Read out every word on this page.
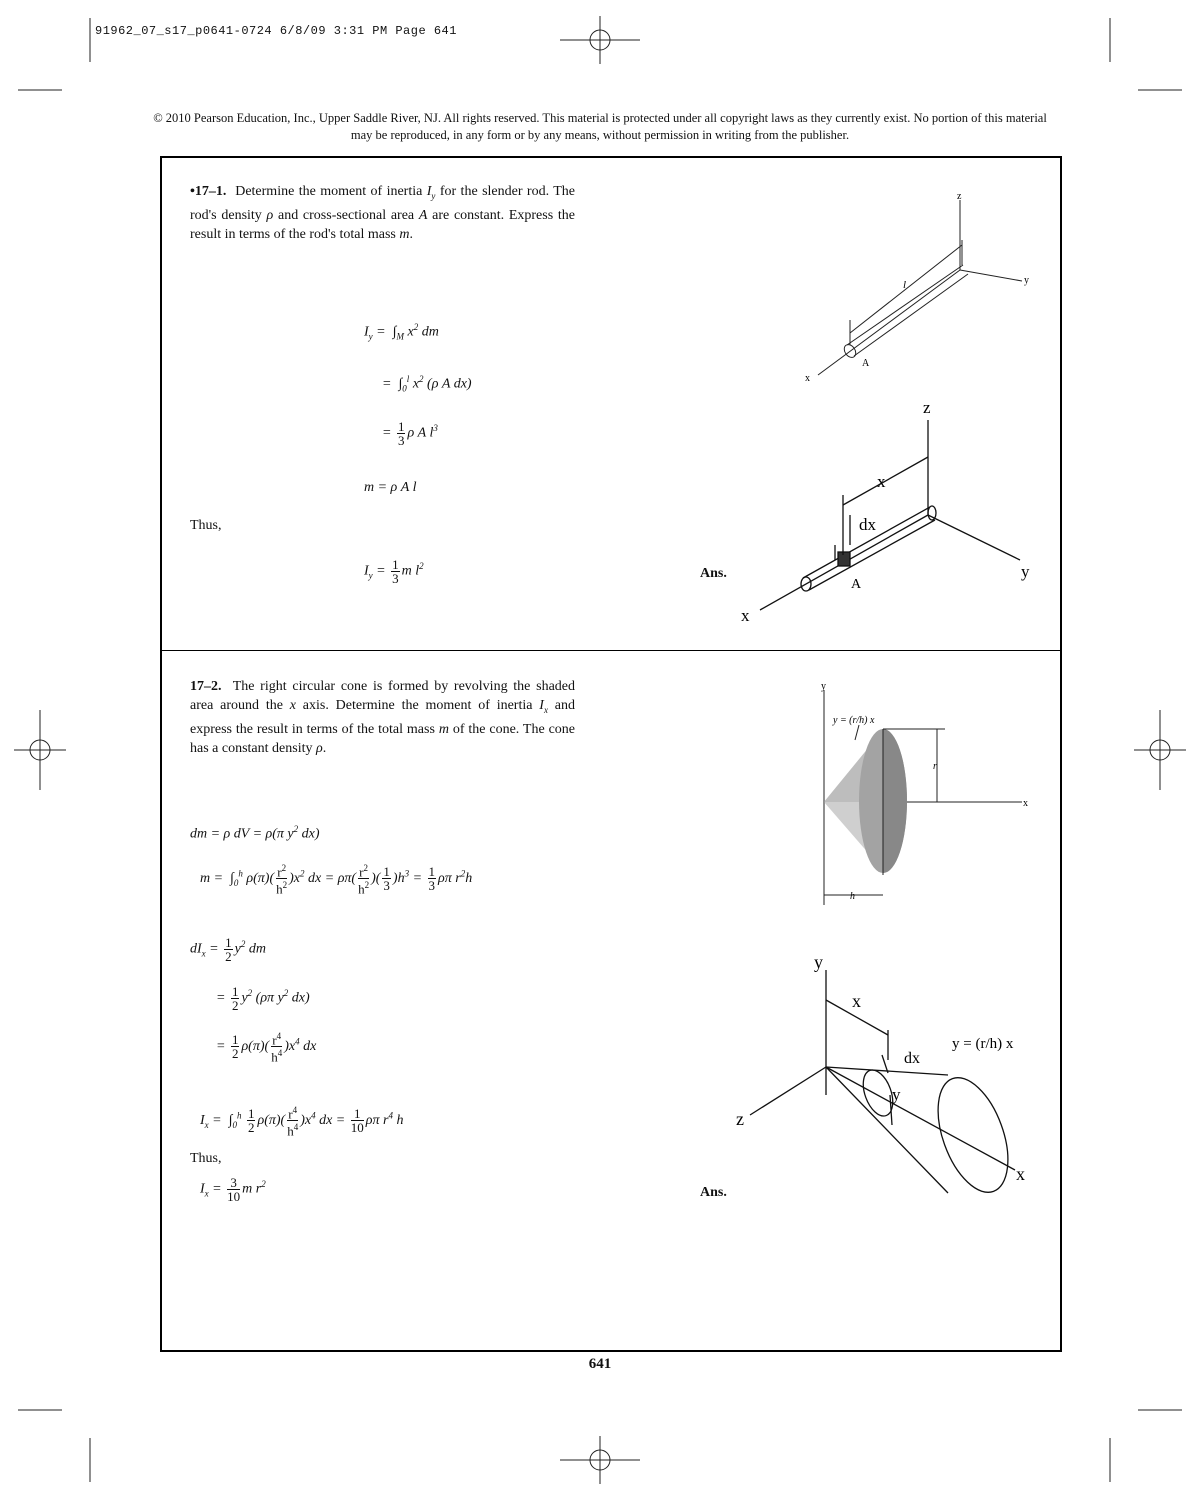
91962_07_s17_p0641-0724 6/8/09 3:31 PM Page 641
© 2010 Pearson Education, Inc., Upper Saddle River, NJ. All rights reserved. This material is protected under all copyright laws as they currently exist. No portion of this material may be reproduced, in any form or by any means, without permission in writing from the publisher.
•17–1.  Determine the moment of inertia $I_y$ for the slender rod. The rod's density ρ and cross-sectional area A are constant. Express the result in terms of the rod's total mass m.
$I_y = \int_M$ $x^2$ dm
=  $\int_0^l$ $x^2$ (ρ A dx)
= $\frac{1}{3}$ ρ A $l^3$
m = ρ A l
Thus,
$I_y = \frac{1}{3}$ m $l^2$	Ans.
z
y
x
l
A
z
x
dx
A
y
x
17–2.  The right circular cone is formed by revolving the shaded area around the x axis. Determine the moment of inertia $I_x$ and express the result in terms of the total mass m of the cone. The cone has a constant density ρ.
dm = ρ dV = ρ(π $y^2$ dx)
$m = \int_0^h$ $\rho(\pi)( \frac{r^2}{h^2} )x^2$ dx = $\rho\pi( \frac{r^2}{h^2}$ )( $\frac{1}{3} )h^3 = \frac{1}{3}$ ρπ $r^2h$
$dI_x = \frac{1}{2} y^2$ dm
= $\frac{1}{2} y^2$ (ρπ $y^2$ dx)
= $\frac{1}{2} \rho(\pi)( \frac{r^4}{h^4} )x^4$ dx
$I_x = \int_0^h \frac{1}{2} \rho(\pi)( \frac{r^4}{h^4} )x^4$ dx = $\frac{1}{10}$ ρπ $r^4$ h
Thus,
$I_x = \frac{3}{10}$ m $r^2$
Ans.
y
x
r
h
y = (r/h) x
y
x
dx
y
z
x
y = (r/h) x
641
